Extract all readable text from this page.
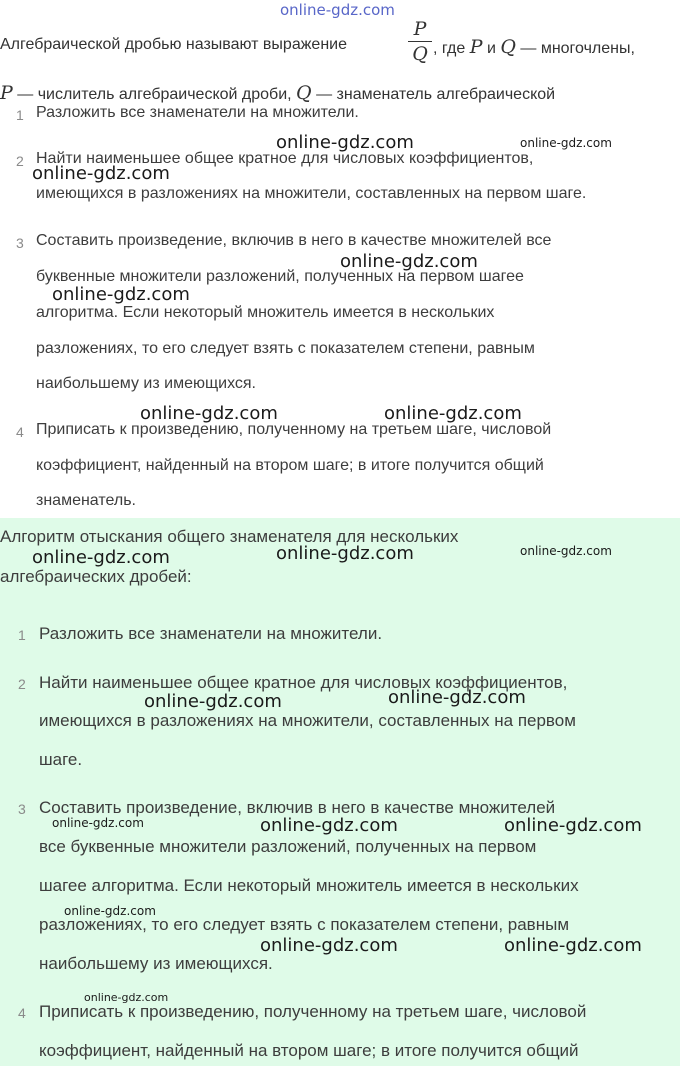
Алгебраической дробью называют выражение
P
Q , где P и Q — многочлены,
P — числитель алгебраической дроби, Q — знаменатель алгебраической
1 Разложить все знаменатели на множители.
2 Найти наименьшее общее кратное для числовых коэффициентов,
имеющихся в разложениях на множители, составленных на первом шаге.
3 Составить произведение, включив в него в качестве множителей все
буквенные множители разложений, полученных на первом шагее
алгоритма. Если некоторый множитель имеется в нескольких
разложениях, то его следует взять с показателем степени, равным
наибольшему из имеющихся.
4 Приписать к произведению, полученному на третьем шаге, числовой
коэффициент, найденный на втором шаге; в итоге получится общий
знаменатель.
Алгоритм отыскания общего знаменателя для нескольких
алгебраических дробей:
1 Разложить все знаменатели на множители.
2 Найти наименьшее общее кратное для числовых коэффициентов,
имеющихся в разложениях на множители, составленных на первом
шаге.
3 Составить произведение, включив в него в качестве множителей
все буквенные множители разложений, полученных на первом
шагее алгоритма. Если некоторый множитель имеется в нескольких
разложениях, то его следует взять с показателем степени, равным
наибольшему из имеющихся.
4 Приписать к произведению, полученному на третьем шаге, числовой
коэффициент, найденный на втором шаге; в итоге получится общий
online-gdz.com
online-gdz.com	online-gdz.com
online-gdz.com
online-gdz.com
online-gdz.com
online-gdz.com	online-gdz.com
online-gdz.com	online-gdz.com	online-gdz.com
online-gdz.com
online-gdz.com
online-gdz.com	online-gdz.com	online-gdz.com
online-gdz.com
online-gdz.com	online-gdz.com
online-gdz.com
